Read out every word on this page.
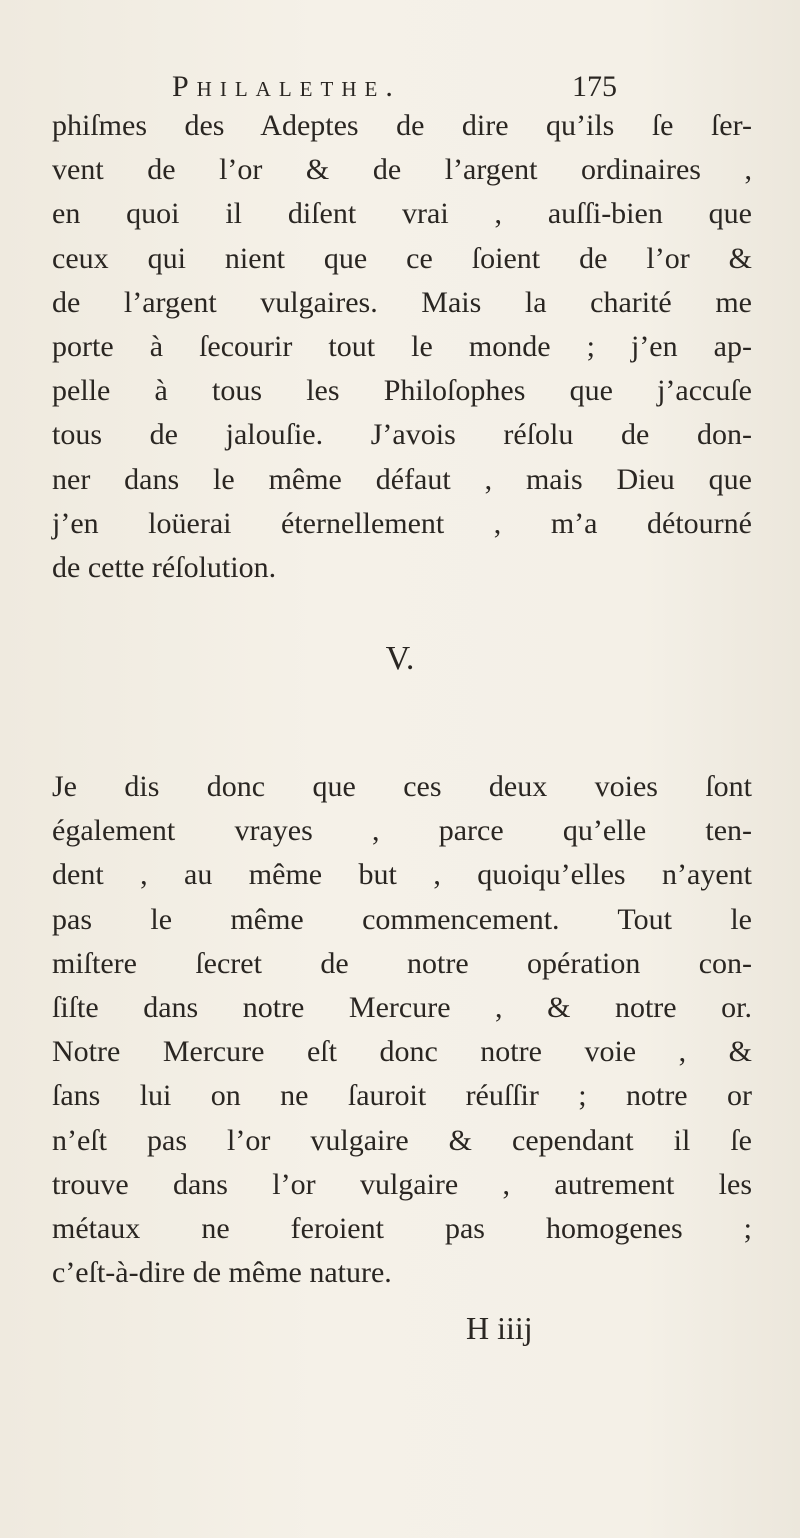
Philalethe.	175
phiſmes des Adeptes de dire qu’ils ſe ſer-
vent de l’or & de l’argent ordinaires ,
en quoi il diſent vrai , auſſi-bien que
ceux qui nient que ce ſoient de l’or &
de l’argent vulgaires. Mais la charité me
porte à ſecourir tout le monde ; j’en ap-
pelle à tous les Philoſophes que j’accuſe
tous de jalouſie. J’avois réſolu de don-
ner dans le même défaut , mais Dieu que
j’en loüerai éternellement , m’a détourné
de cette réſolution.
V.
Je dis donc que ces deux voies ſont
également vrayes , parce qu’elle ten-
dent , au même but , quoiqu’elles n’ayent
pas le même commencement. Tout le
miſtere ſecret de notre opération con-
ſiſte dans notre Mercure , & notre or.
Notre Mercure eſt donc notre voie , &
ſans lui on ne ſauroit réuſſir ; notre or
n’eſt pas l’or vulgaire & cependant il ſe
trouve dans l’or vulgaire , autrement les
métaux ne feroient pas homogenes ;
c’eſt-à-dire de même nature.
H iiij
